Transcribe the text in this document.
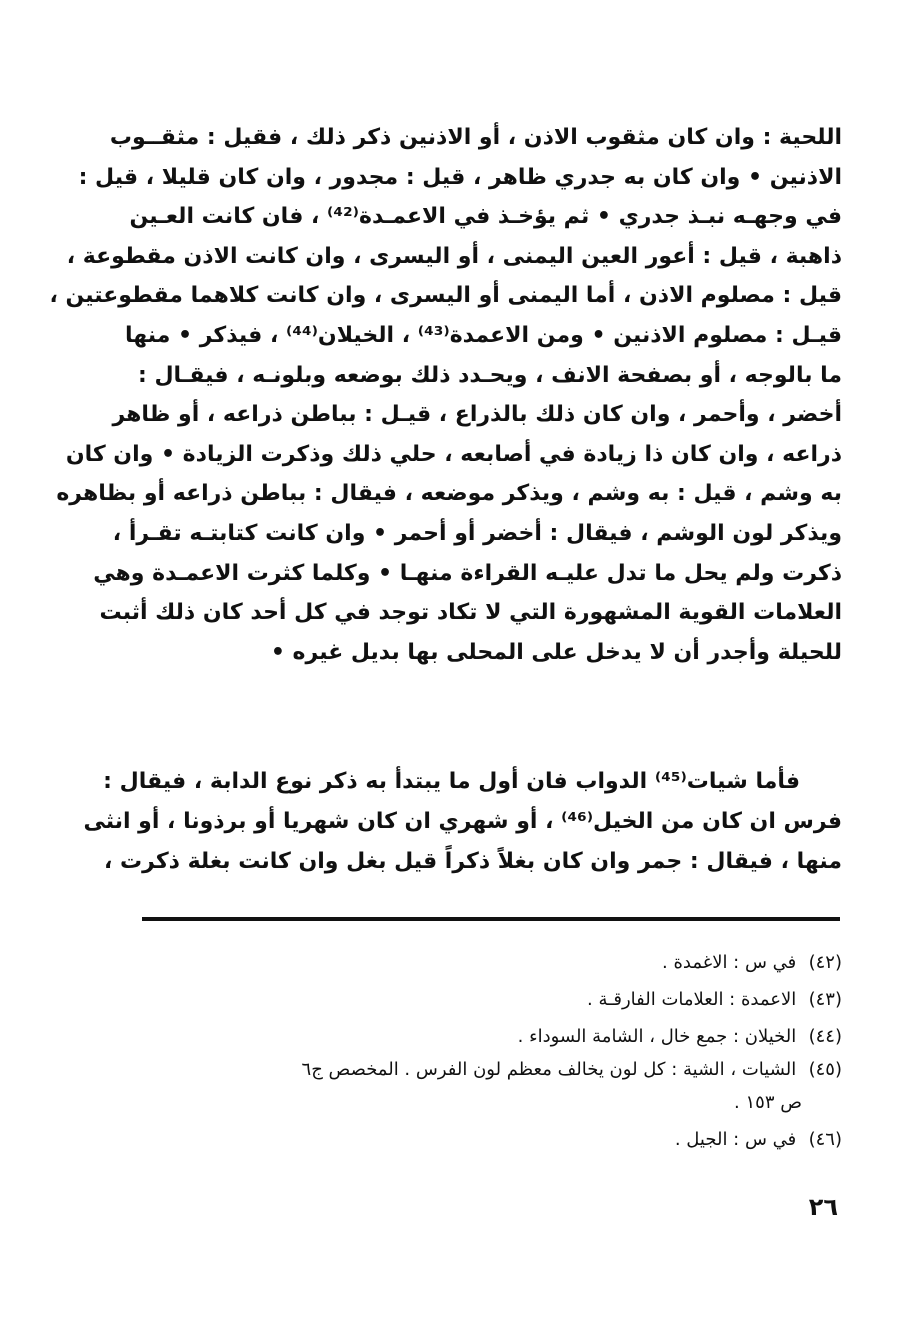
اللحية : وان كان مثقوب الاذن ، أو الاذنين ذكر ذلك ، فقيل : مثقــوب
الاذنين • وان كان به جدري ظاهر ، قيل : مجدور ، وان كان قليلا ، قيل :
في وجهـه نبـذ جدري • ثم يؤخـذ في الاعمـدة⁽⁴²⁾ ، فان كانت العـين
ذاهبة ، قيل : أعور العين اليمنى ، أو اليسرى ، وان كانت الاذن مقطوعة ،
قيل : مصلوم الاذن ، أما اليمنى أو اليسرى ، وان كانت كلاهما مقطوعتين ،
قيـل : مصلوم الاذنين • ومن الاعمدة⁽⁴³⁾ ، الخيلان⁽⁴⁴⁾ ، فيذكر • منها
ما بالوجه ، أو بصفحة الانف ، ويحـدد ذلك بوضعه وبلونـه ، فيقـال :
أخضر ، وأحمر ، وان كان ذلك بالذراع ، قيـل : بباطن ذراعه ، أو ظاهر
ذراعه ، وان كان ذا زيادة في أصابعه ، حلي ذلك وذكرت الزيادة • وان كان
به وشم ، قيل : به وشم ، ويذكر موضعه ، فيقال : بباطن ذراعه أو بظاهره
ويذكر لون الوشم ، فيقال : أخضر أو أحمر • وان كانت كتابتـه تقـرأ ،
ذكرت ولم يحل ما تدل عليـه القراءة منهـا • وكلما كثرت الاعمـدة وهي
العلامات القوية المشهورة التي لا تكاد توجد في كل أحد كان ذلك أثبت
للحيلة وأجدر أن لا يدخل على المحلى بها بديل غيره •
فأما شيات⁽⁴⁵⁾ الدواب فان أول ما يبتدأ به ذكر نوع الدابة ، فيقال :
فرس ان كان من الخيل⁽⁴⁶⁾ ، أو شهري ان كان شهريا أو برذونا ، أو انثى
منها ، فيقال : جمر وان كان بغلاً ذكراً قيل بغل وان كانت بغلة ذكرت ،
(٤٢) في س : الاغمدة .
(٤٣) الاعمدة : العلامات الفارقـة .
(٤٤) الخيلان : جمع خال ، الشامة السوداء .
(٤٥) الشيات ، الشية : كل لون يخالف معظم لون الفرس . المخصص ج٦
ص ١٥٣ .
(٤٦) في س : الجيل .
٢٦
